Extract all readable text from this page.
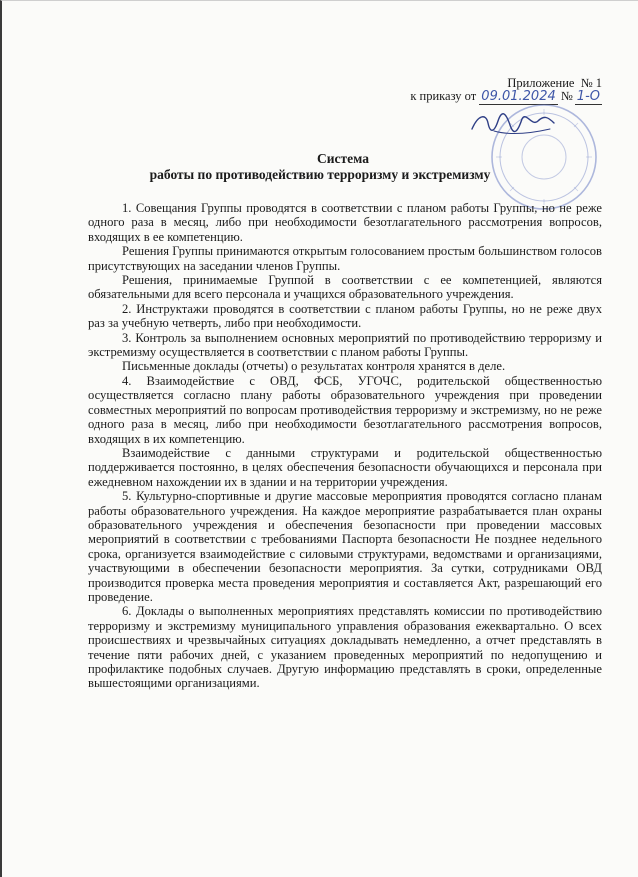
Приложение № 1
к приказу от 09.01.2024 № 1-О
Система
работы по противодействию терроризму и экстремизму

1. Совещания Группы проводятся в соответствии с планом работы Группы, но не реже одного раза в месяц, либо при необходимости безотлагательного рассмотрения вопросов, входящих в ее компетенцию.

Решения Группы принимаются открытым голосованием простым большинством голосов присутствующих на заседании членов Группы.

Решения, принимаемые Группой в соответствии с ее компетенцией, являются обязательными для всего персонала и учащихся образовательного учреждения.

2. Инструктажи проводятся в соответствии с планом работы Группы, но не реже двух раз за учебную четверть, либо при необходимости.

3. Контроль за выполнением основных мероприятий по противодействию терроризму и экстремизму осуществляется в соответствии с планом работы Группы.

Письменные доклады (отчеты) о результатах контроля хранятся в деле.

4. Взаимодействие с ОВД, ФСБ, УГОЧС, родительской общественностью осуществляется согласно плану работы образовательного учреждения при проведении совместных мероприятий по вопросам противодействия терроризму и экстремизму, но не реже одного раза в месяц, либо при необходимости безотлагательного рассмотрения вопросов, входящих в их компетенцию.

Взаимодействие с данными структурами и родительской общественностью поддерживается постоянно, в целях обеспечения безопасности обучающихся и персонала при ежедневном нахождении их в здании и на территории учреждения.

5. Культурно-спортивные и другие массовые мероприятия проводятся согласно планам работы образовательного учреждения. На каждое мероприятие разрабатывается план охраны образовательного учреждения и обеспечения безопасности при проведении массовых мероприятий в соответствии с требованиями Паспорта безопасности Не позднее недельного срока, организуется взаимодействие с силовыми структурами, ведомствами и организациями, участвующими в обеспечении безопасности мероприятия. За сутки, сотрудниками ОВД производится проверка места проведения мероприятия и составляется Акт, разрешающий его проведение.

6. Доклады о выполненных мероприятиях представлять комиссии по противодействию терроризму и экстремизму муниципального управления образования ежеквартально. О всех происшествиях и чрезвычайных ситуациях докладывать немедленно, а отчет представлять в течение пяти рабочих дней, с указанием проведенных мероприятий по недопущению и профилактике подобных случаев. Другую информацию представлять в сроки, определенные вышестоящими организациями.
